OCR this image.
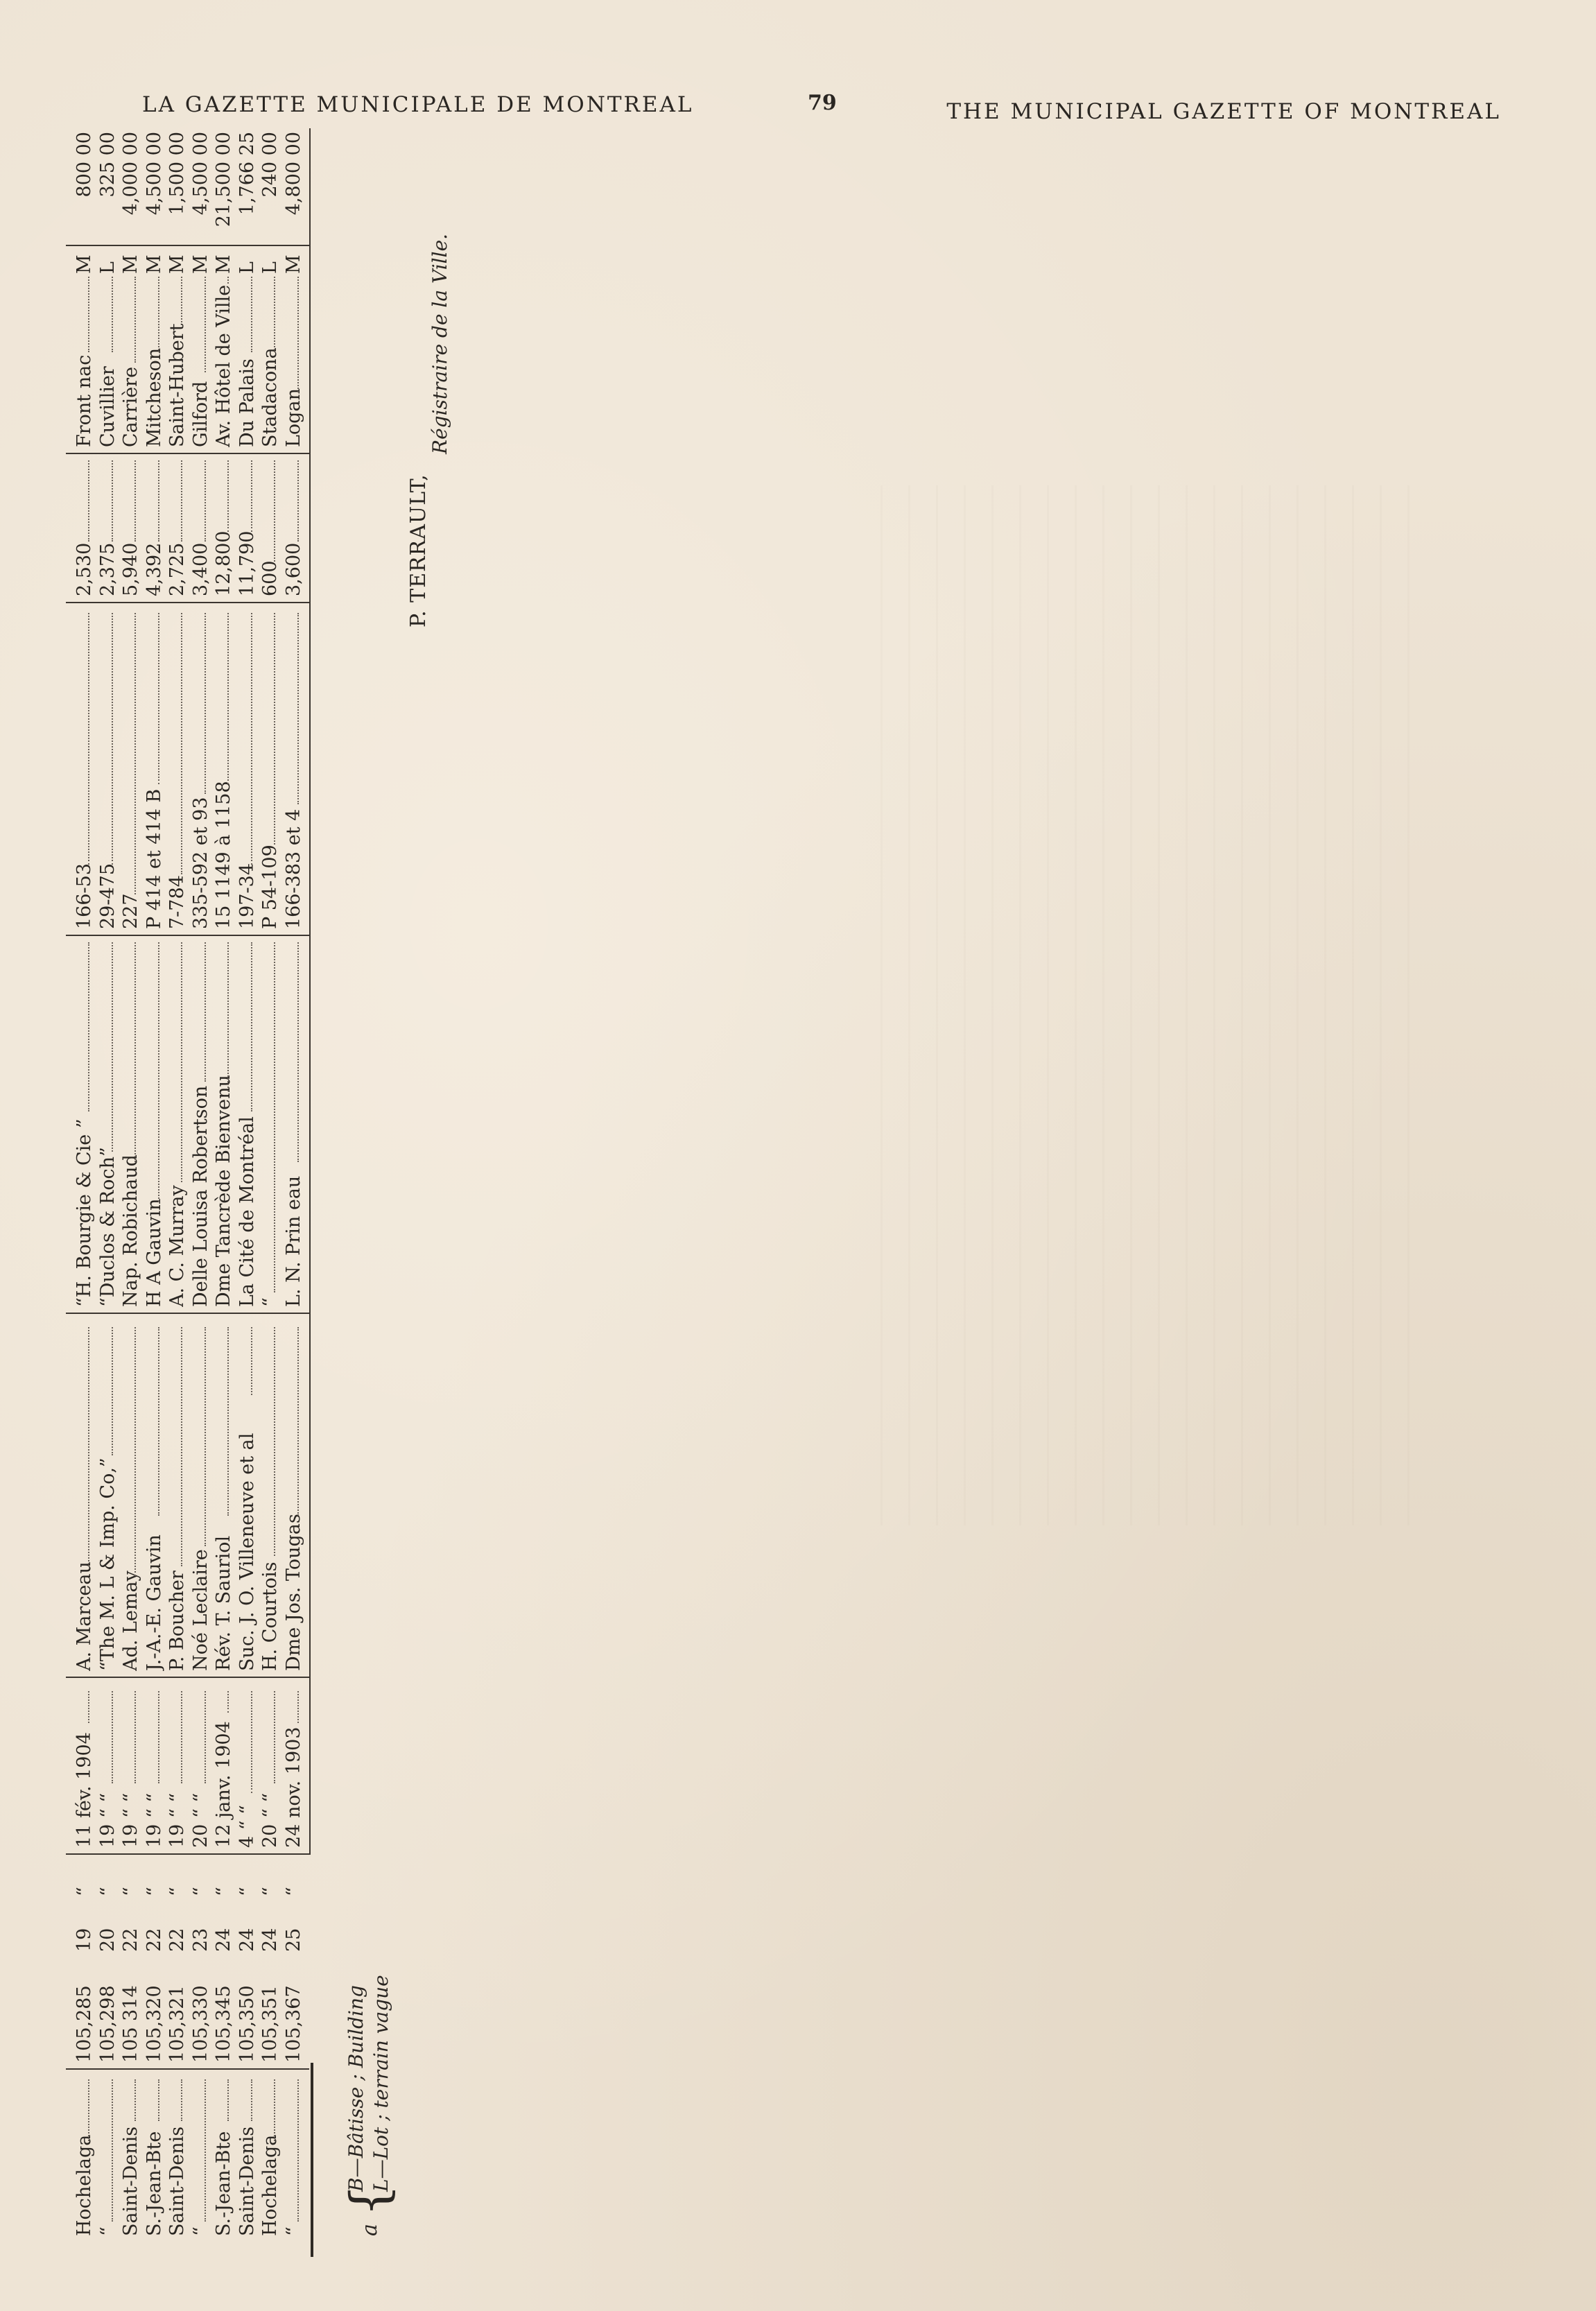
LA GAZETTE MUNICIPALE DE MONTREAL	79	THE MUNICIPAL GAZETTE OF MONTREAL
Hochelaga
105,285
19
“
11 fév. 1904
A. Marceau
“H. Bourgie & Cie ”
166-53
2,530
Front nac
M
800 00
“
105,298
20
“
19 “ “
“The M. L & Imp. Co,”
“Duclos & Roch”
29-475
2,375
Cuvillier
L
325 00
Saint-Denis
105 314
22
“
19 “ “
Ad. Lemay
Nap. Robichaud
227
5,940
Carrière
M
4,000 00
S.-Jean-Bte
105,320
22
“
19 “ “
J.-A.-E. Gauvin
H A Gauvin
P 414 et 414 B
4,392
Mitcheson
M
4,500 00
Saint-Denis
105,321
22
“
19 “ “
P. Boucher
A. C. Murray
7-784
2,725
Saint-Hubert
M
1,500 00
“
105,330
23
“
20 “ “
Noé Leclaire
Delle Louisa Robertson
335-592 et 93
3,400
Gilford
M
4,500 00
S.-Jean-Bte
105,345
24
“
12 janv. 1904
Rév. T. Sauriol
Dme Tancrède Bienvenu
15 1149 à 1158
12,800
Av. Hôtel de Ville
M
21,500 00
Saint-Denis
105,350
24
“
4 “ “
Suc. J. O. Villeneuve et al
La Cité de Montréal
197-34
11,790
Du Palais
L
1,766 25
Hochelaga
105,351
24
“
20 “ “
H. Courtois
“
P 54-109
600
Stadacona
L
240 00
“
105,367
25
“
24 nov. 1903
Dme Jos. Tougas
L. N. Prin eau
166-383 et 4
3,600
Logan
M
4,800 00
a
{
B—Bâtisse ; Building L—Lot ; terrain vague
P. TERRAULT,
Régistraire de la Ville.
